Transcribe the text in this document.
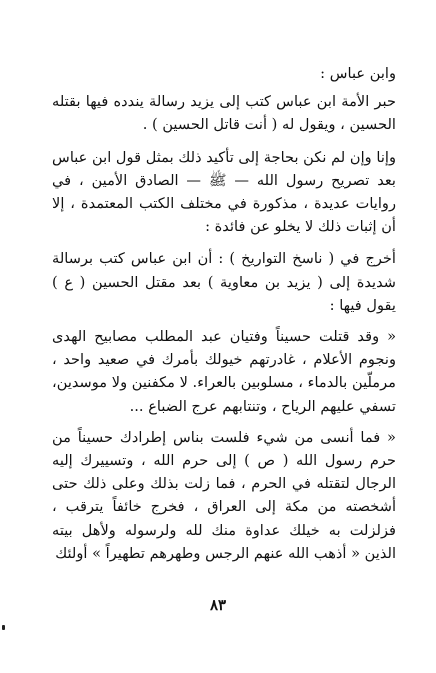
وابن عباس :

حبر الأمة ابن عباس كتب إلى يزيد رسالة يندده فيها بقتله الحسين ، ويقول له ( أنت قاتل الحسين ) .

وإنا وإن لم نكن بحاجة إلى تأكيد ذلك بمثل قول ابن عباس بعد تصريح رسول الله — ﷺ — الصادق الأمين ، في روايات عديدة ، مذكورة في مختلف الكتب المعتمدة ، إلا أن إثبات ذلك لا يخلو عن فائدة :

أخرج في ( ناسخ التواريخ ) : أن ابن عباس كتب برسالة شديدة إلى ( يزيد بن معاوية ) بعد مقتل الحسين ( ع ) يقول فيها :

« وقد قتلت حسيناً وفتيان عبد المطلب مصابيح الهدى ونجوم الأعلام ، غادرتهم خيولك بأمرك في صعيد واحد ، مرملّين بالدماء ، مسلوبين بالعراء. لا مكفنين ولا موسدين، تسفي عليهم الرياح ، وتنتابهم عرج الضباع ...

« فما أنسى من شيء فلست بناس إطرادك حسيناً من حرم رسول الله ( ص ) إلى حرم الله ، وتسييرك إليه الرجال لتقتله في الحرم ، فما زلت بذلك وعلى ذلك حتى أشخصته من مكة إلى العراق ، فخرج خائفاً يترقب ، فزلزلت به خيلك عداوة منك لله ولرسوله ولأهل بيته الذين « أذهب الله عنهم الرجس وطهرهم تطهيراً » أولئك

٨٣
